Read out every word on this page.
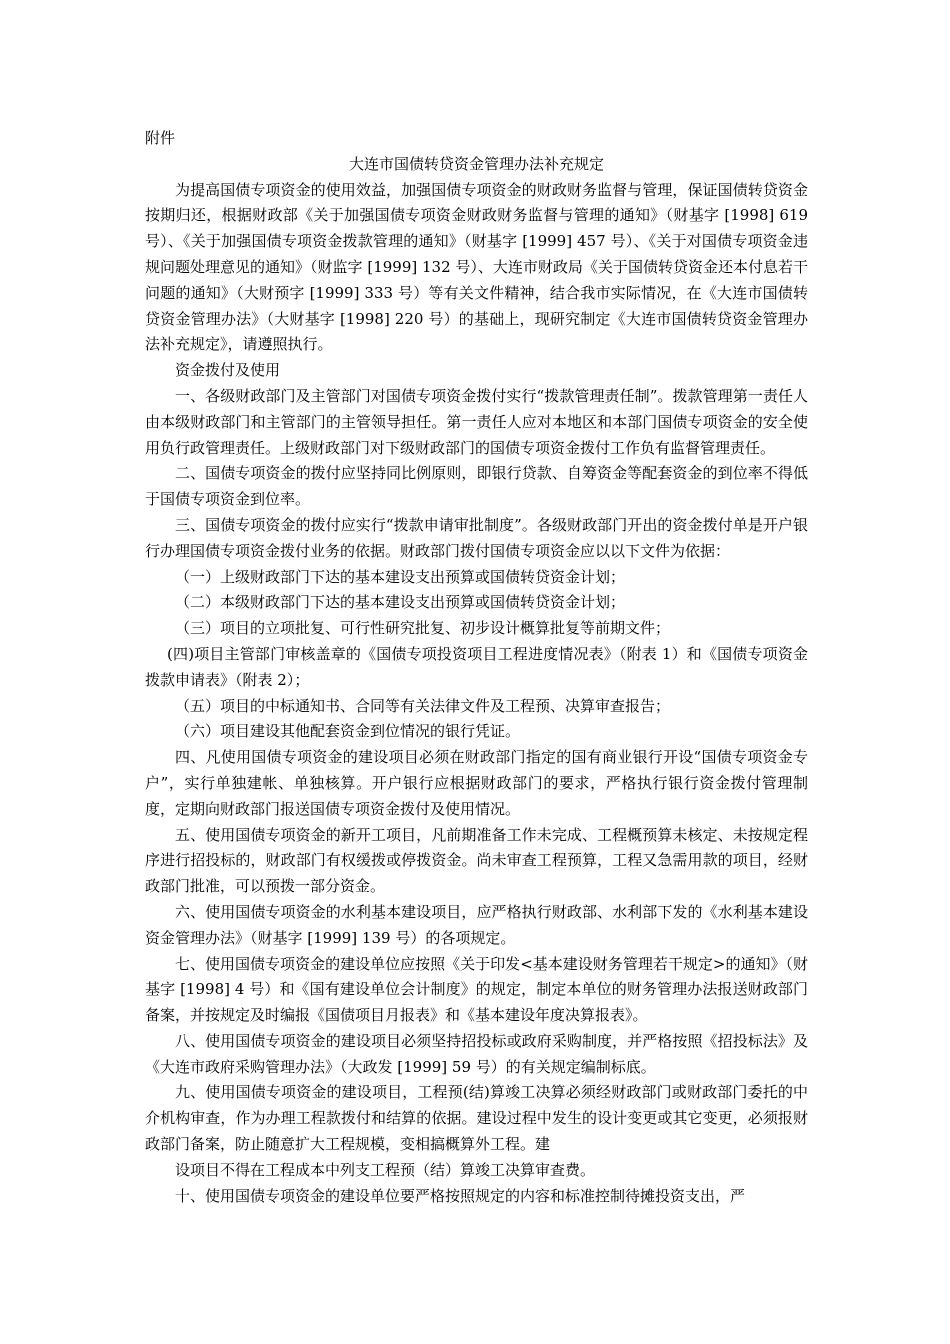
附件

大连市国债转贷资金管理办法补充规定

为提高国债专项资金的使用效益，加强国债专项资金的财政财务监督与管理，保证国债转贷资金按期归还，根据财政部《关于加强国债专项资金财政财务监督与管理的通知》（财基字 [1998] 619 号）、《关于加强国债专项资金拨款管理的通知》（财基字 [1999] 457 号）、《关于对国债专项资金违规问题处理意见的通知》（财监字 [1999] 132 号）、大连市财政局《关于国债转贷资金还本付息若干问题的通知》（大财预字 [1999] 333 号）等有关文件精神，结合我市实际情况，在《大连市国债转贷资金管理办法》（大财基字 [1998] 220 号）的基础上，现研究制定《大连市国债转贷资金管理办法补充规定》，请遵照执行。

资金拨付及使用

一、各级财政部门及主管部门对国债专项资金拨付实行“拨款管理责任制”。拨款管理第一责任人由本级财政部门和主管部门的主管领导担任。第一责任人应对本地区和本部门国债专项资金的安全使用负行政管理责任。上级财政部门对下级财政部门的国债专项资金拨付工作负有监督管理责任。

二、国债专项资金的拨付应坚持同比例原则，即银行贷款、自筹资金等配套资金的到位率不得低于国债专项资金到位率。

三、国债专项资金的拨付应实行“拨款申请审批制度”。各级财政部门开出的资金拨付单是开户银行办理国债专项资金拨付业务的依据。财政部门拨付国债专项资金应以以下文件为依据：

（一）上级财政部门下达的基本建设支出预算或国债转贷资金计划；

（二）本级财政部门下达的基本建设支出预算或国债转贷资金计划；

（三）项目的立项批复、可行性研究批复、初步设计概算批复等前期文件；

(四)项目主管部门审核盖章的《国债专项投资项目工程进度情况表》（附表 1）和《国债专项资金拨款申请表》（附表 2）；

（五）项目的中标通知书、合同等有关法律文件及工程预、决算审查报告；

（六）项目建设其他配套资金到位情况的银行凭证。

四、凡使用国债专项资金的建设项目必须在财政部门指定的国有商业银行开设“国债专项资金专户”，实行单独建帐、单独核算。开户银行应根据财政部门的要求，严格执行银行资金拨付管理制度，定期向财政部门报送国债专项资金拨付及使用情况。

五、使用国债专项资金的新开工项目，凡前期准备工作未完成、工程概预算未核定、未按规定程序进行招投标的，财政部门有权缓拨或停拨资金。尚未审查工程预算，工程又急需用款的项目，经财政部门批准，可以预拨一部分资金。

六、使用国债专项资金的水利基本建设项目，应严格执行财政部、水利部下发的《水利基本建设资金管理办法》（财基字 [1999] 139 号）的各项规定。

七、使用国债专项资金的建设单位应按照《关于印发<基本建设财务管理若干规定>的通知》（财基字 [1998] 4 号）和《国有建设单位会计制度》的规定，制定本单位的财务管理办法报送财政部门备案，并按规定及时编报《国债项目月报表》和《基本建设年度决算报表》。

八、使用国债专项资金的建设项目必须坚持招投标或政府采购制度，并严格按照《招投标法》及《大连市政府采购管理办法》（大政发 [1999] 59 号）的有关规定编制标底。

九、使用国债专项资金的建设项目，工程预(结)算竣工决算必须经财政部门或财政部门委托的中介机构审查，作为办理工程款拨付和结算的依据。建设过程中发生的设计变更或其它变更，必须报财政部门备案，防止随意扩大工程规模，变相搞概算外工程。建

设项目不得在工程成本中列支工程预（结）算竣工决算审查费。

十、使用国债专项资金的建设单位要严格按照规定的内容和标准控制待摊投资支出，严
